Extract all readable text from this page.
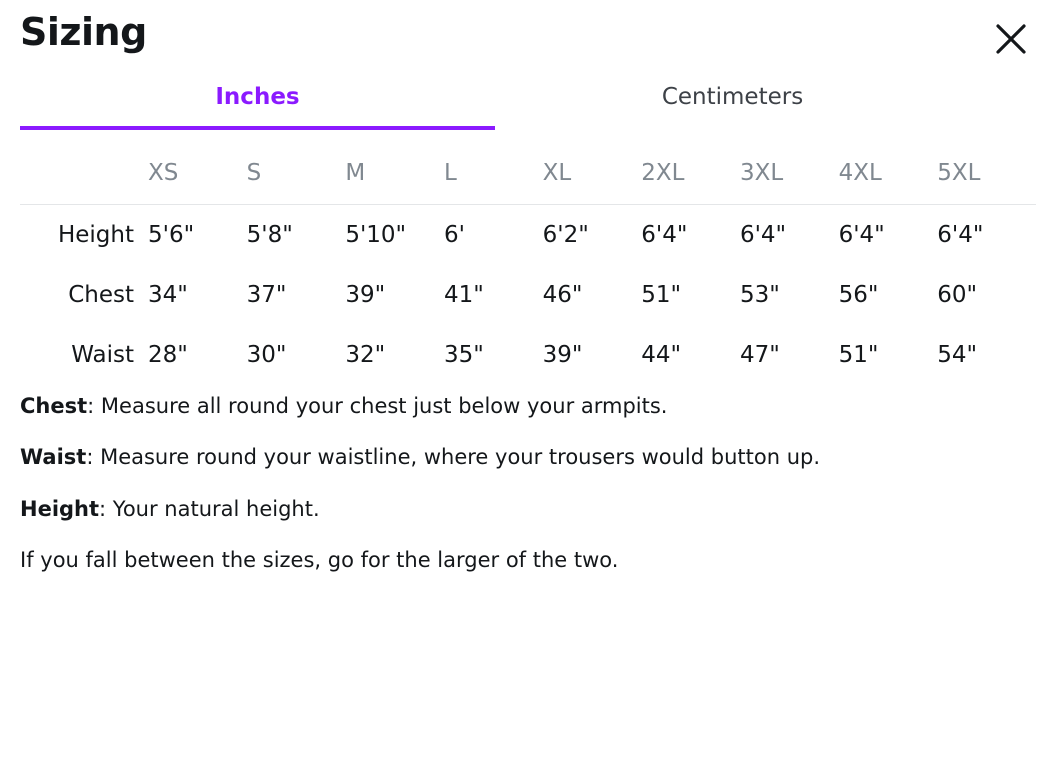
Sizing
Inches	Centimeters
	XS	S	M	L	XL	2XL	3XL	4XL	5XL
Height	5'6"	5'8"	5'10"	6'	6'2"	6'4"	6'4"	6'4"	6'4"
Chest	34"	37"	39"	41"	46"	51"	53"	56"	60"
Waist	28"	30"	32"	35"	39"	44"	47"	51"	54"

Chest: Measure all round your chest just below your armpits.

Waist: Measure round your waistline, where your trousers would button up.

Height: Your natural height.

If you fall between the sizes, go for the larger of the two.
